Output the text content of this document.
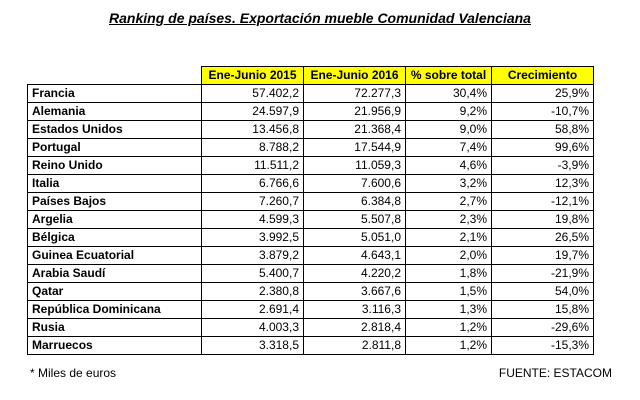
Ranking de países. Exportación mueble Comunidad Valenciana
	Ene-Junio 2015	Ene-Junio 2016	% sobre total	Crecimiento
Francia	57.402,2	72.277,3	30,4%	25,9%
Alemania	24.597,9	21.956,9	9,2%	-10,7%
Estados Unidos	13.456,8	21.368,4	9,0%	58,8%
Portugal	8.788,2	17.544,9	7,4%	99,6%
Reino Unido	11.511,2	11.059,3	4,6%	-3,9%
Italia	6.766,6	7.600,6	3,2%	12,3%
Países Bajos	7.260,7	6.384,8	2,7%	-12,1%
Argelia	4.599,3	5.507,8	2,3%	19,8%
Bélgica	3.992,5	5.051,0	2,1%	26,5%
Guinea Ecuatorial	3.879,2	4.643,1	2,0%	19,7%
Arabia Saudí	5.400,7	4.220,2	1,8%	-21,9%
Qatar	2.380,8	3.667,6	1,5%	54,0%
República Dominicana	2.691,4	3.116,3	1,3%	15,8%
Rusia	4.003,3	2.818,4	1,2%	-29,6%
Marruecos	3.318,5	2.811,8	1,2%	-15,3%
* Miles de euros	FUENTE: ESTACOM
